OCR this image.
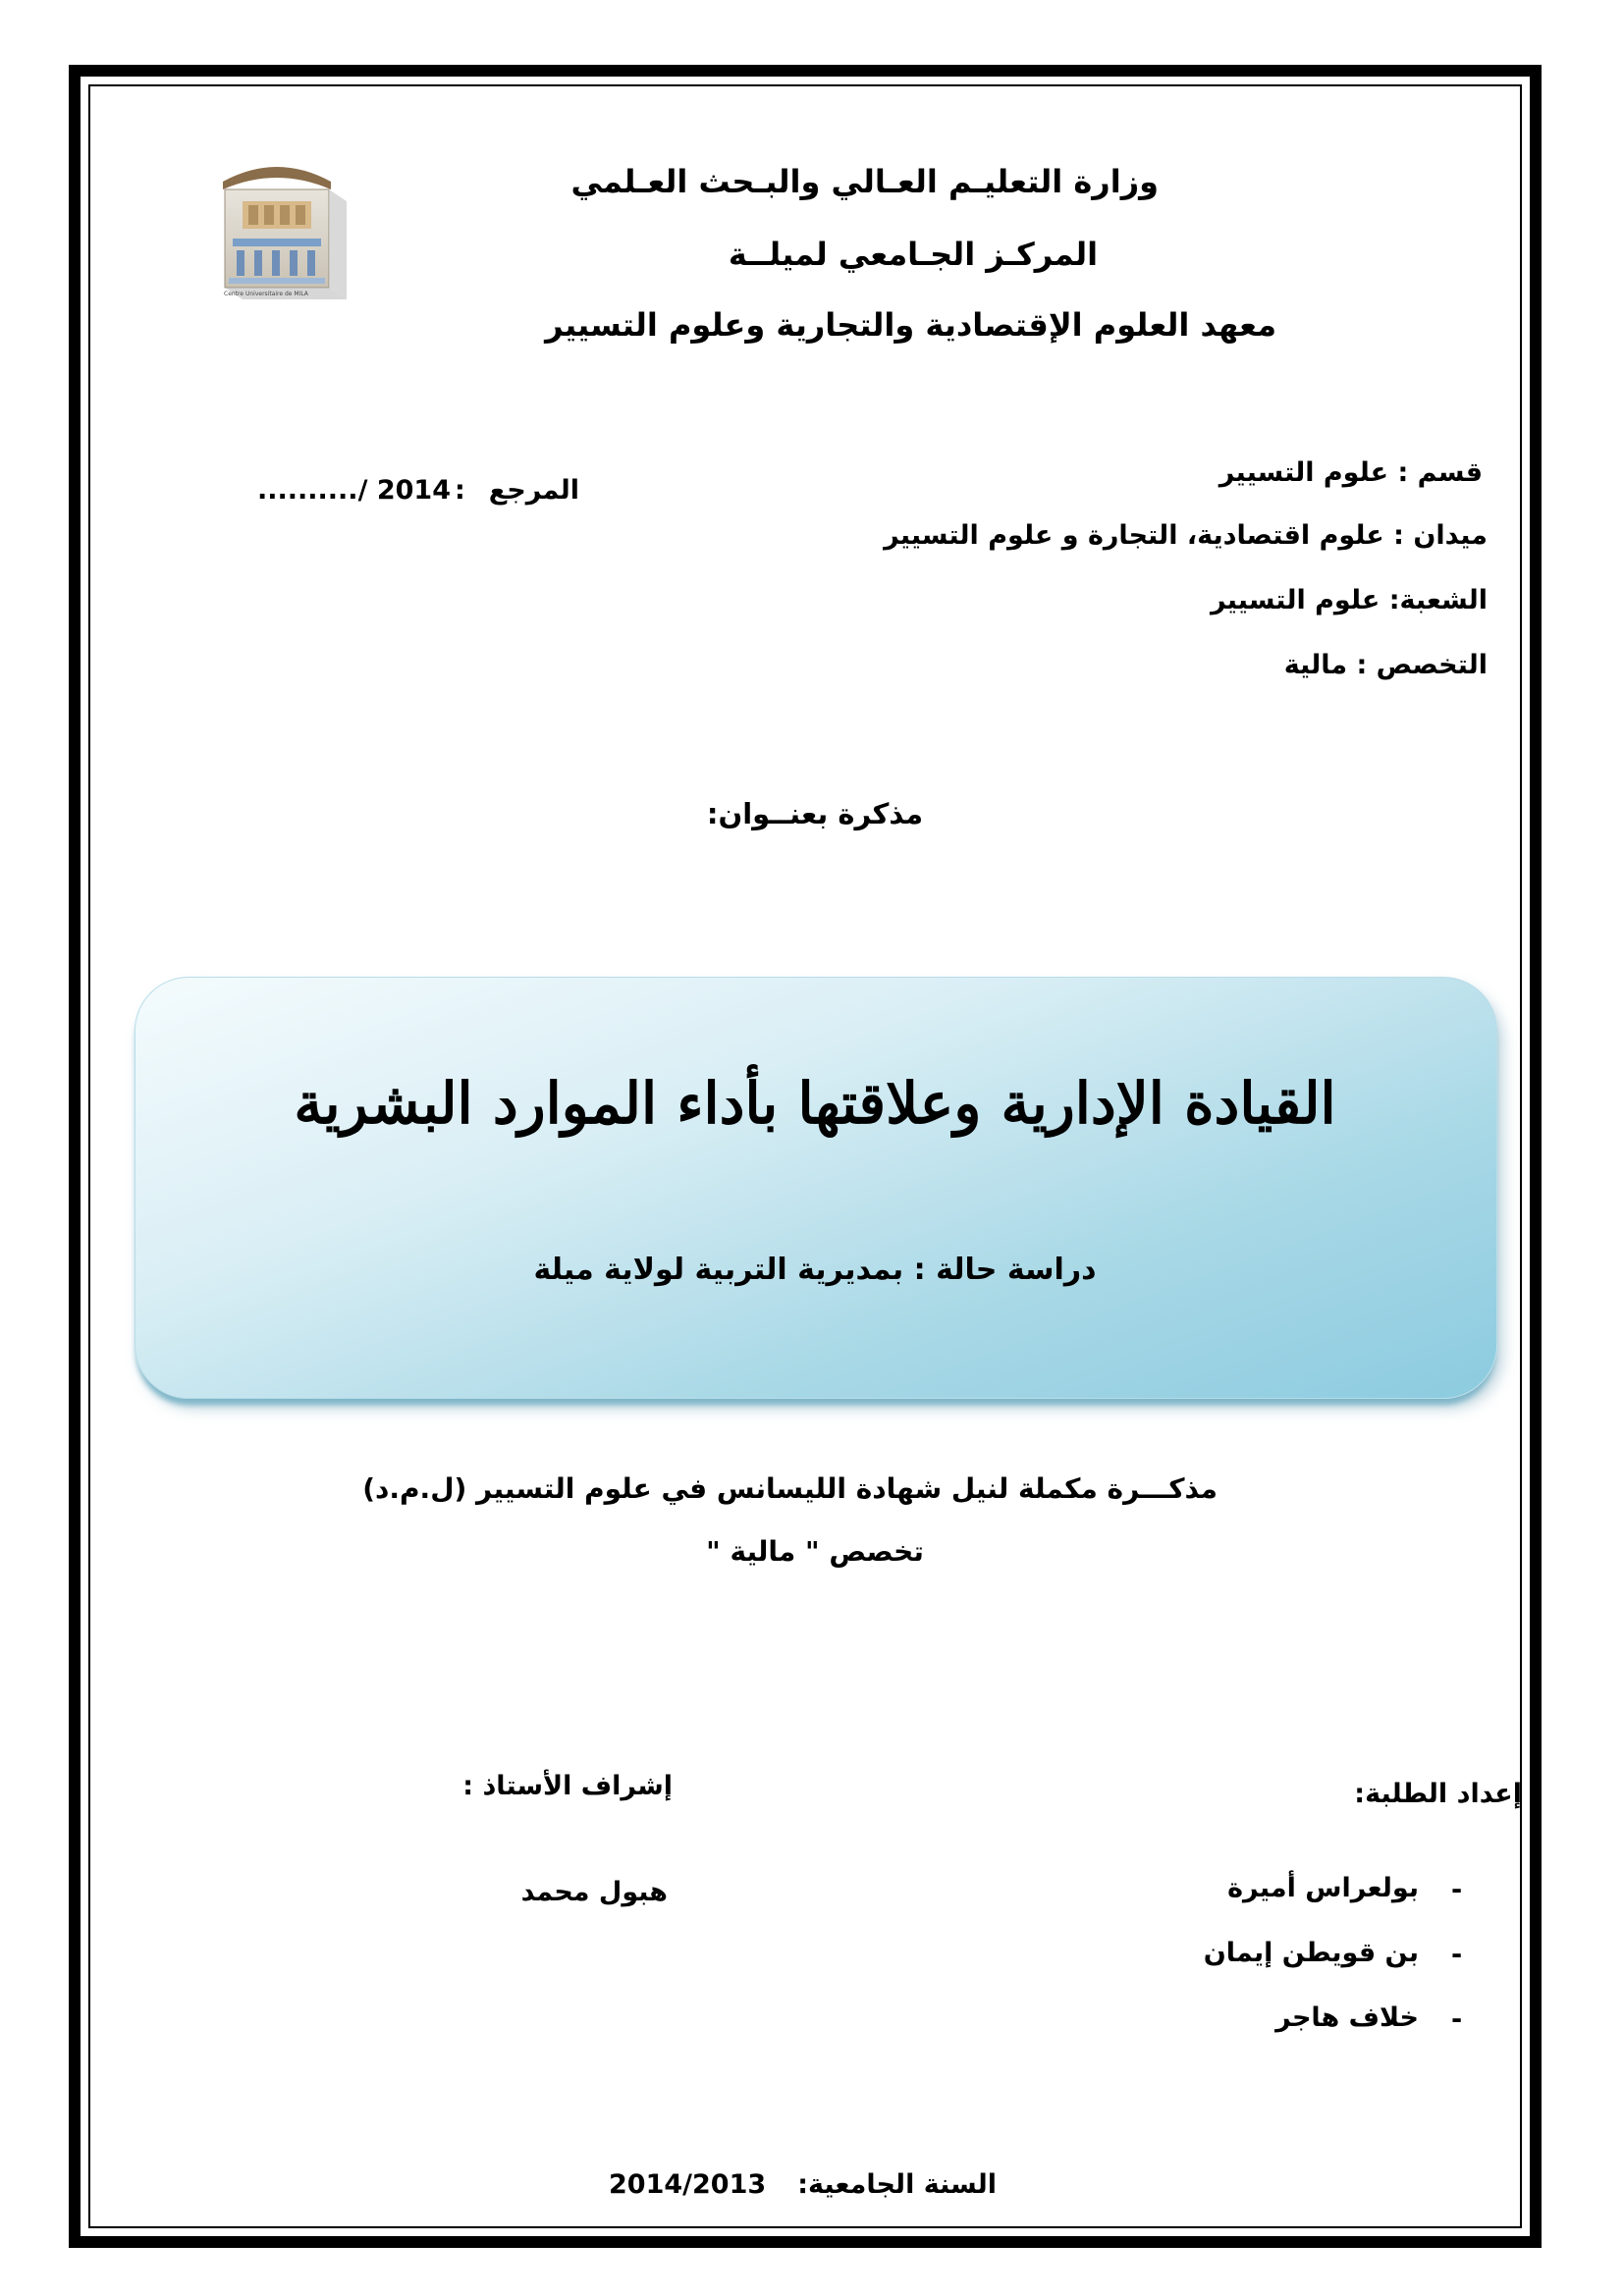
Centre Universitaire de MILA
وزارة التعليـم العـالي والبـحث العـلمي
المركـز الجـامعي لميلــة
معهد العلوم الإقتصادية والتجارية وعلوم التسيير
المرجع
:
........../ 2014
قسم : علوم التسيير
ميدان : علوم اقتصادية، التجارة و علوم التسيير
الشعبة: علوم التسيير
التخصص : مالية
مذكرة بعنــوان:
القيادة الإدارية وعلاقتها بأداء الموارد البشرية
دراسة حالة : بمديرية التربية لولاية ميلة
مذكـــرة مكملة لنيل شهادة الليسانس في علوم التسيير (ل.م.د)
تخصص " مالية "
إعداد الطلبة:
إشراف الأستاذ :
-
بولعراس أميرة
-
بن قويطن إيمان
-
خلاف هاجر
هبول محمد
السنة الجامعية:
2014/2013
